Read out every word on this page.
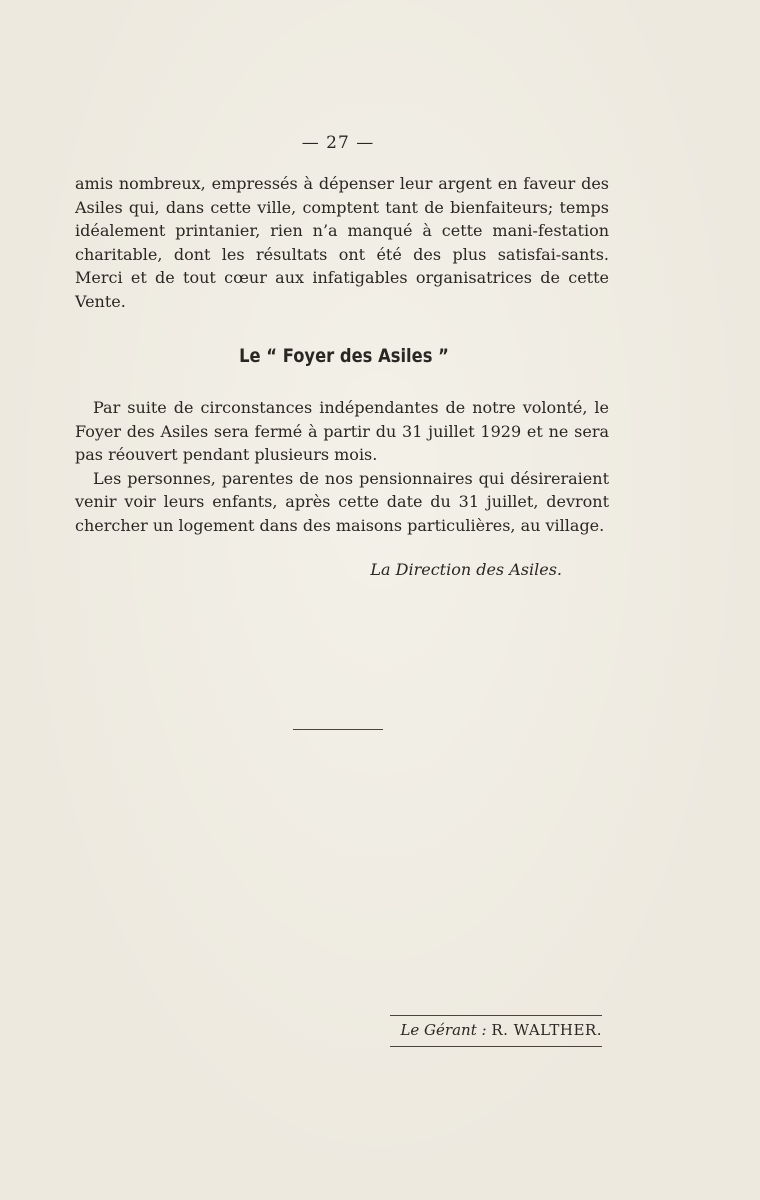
— 27 —

amis nombreux, empressés à dépenser leur argent en faveur des Asiles qui, dans cette ville, comptent tant de bienfaiteurs; temps idéalement printanier, rien n’a manqué à cette mani-festation charitable, dont les résultats ont été des plus satisfai-sants. Merci et de tout cœur aux infatigables organisatrices de cette Vente.

Le “ Foyer des Asiles ”

Par suite de circonstances indépendantes de notre volonté, le Foyer des Asiles sera fermé à partir du 31 juillet 1929 et ne sera pas réouvert pendant plusieurs mois.

Les personnes, parentes de nos pensionnaires qui désireraient venir voir leurs enfants, après cette date du 31 juillet, devront chercher un logement dans des maisons particulières, au village.

La Direction des Asiles.
Le Gérant : R. WALTHER.
